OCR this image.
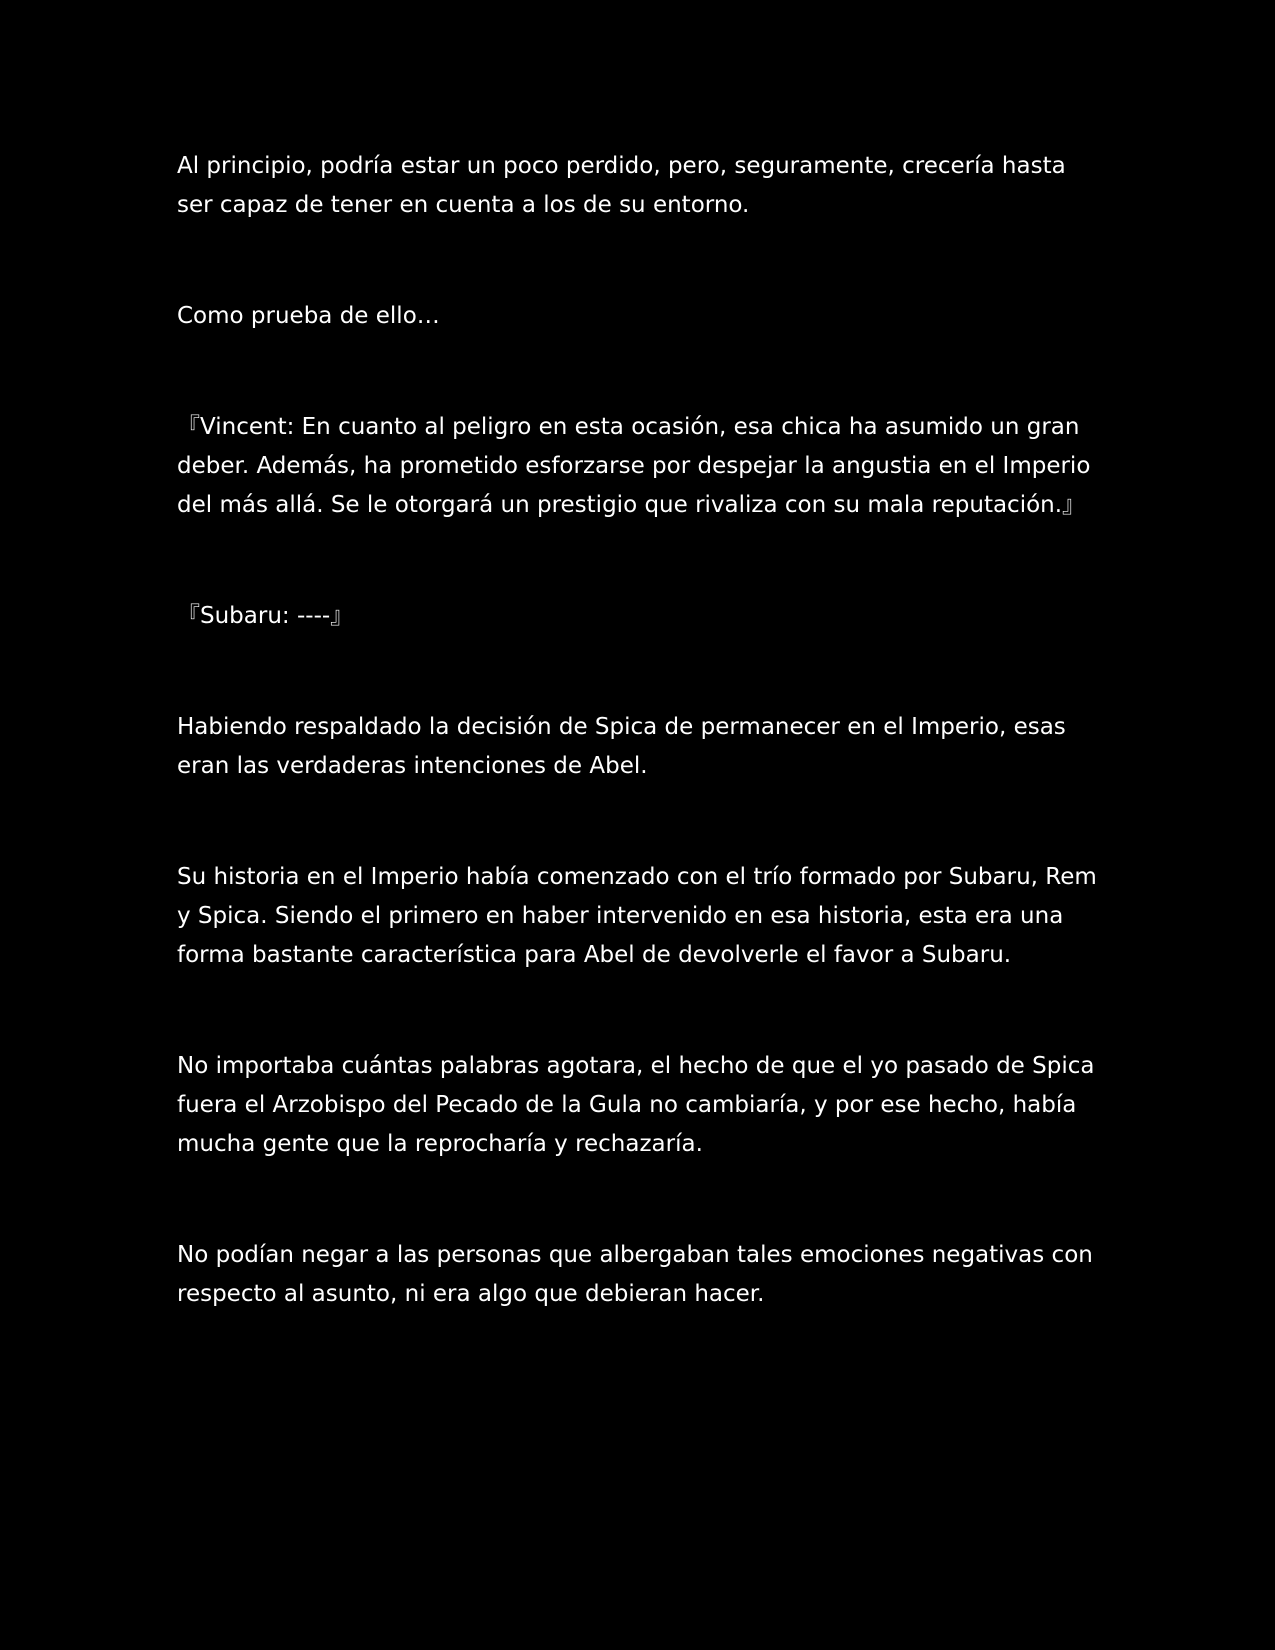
Al principio, podría estar un poco perdido, pero, seguramente, crecería hasta ser capaz de tener en cuenta a los de su entorno.

Como prueba de ello…

『Vincent: En cuanto al peligro en esta ocasión, esa chica ha asumido un gran deber. Además, ha prometido esforzarse por despejar la angustia en el Imperio del más allá. Se le otorgará un prestigio que rivaliza con su mala reputación.』

『Subaru: ----』

Habiendo respaldado la decisión de Spica de permanecer en el Imperio, esas eran las verdaderas intenciones de Abel.

Su historia en el Imperio había comenzado con el trío formado por Subaru, Rem y Spica. Siendo el primero en haber intervenido en esa historia, esta era una forma bastante característica para Abel de devolverle el favor a Subaru.

No importaba cuántas palabras agotara, el hecho de que el yo pasado de Spica fuera el Arzobispo del Pecado de la Gula no cambiaría, y por ese hecho, había mucha gente que la reprocharía y rechazaría.

No podían negar a las personas que albergaban tales emociones negativas con respecto al asunto, ni era algo que debieran hacer.
